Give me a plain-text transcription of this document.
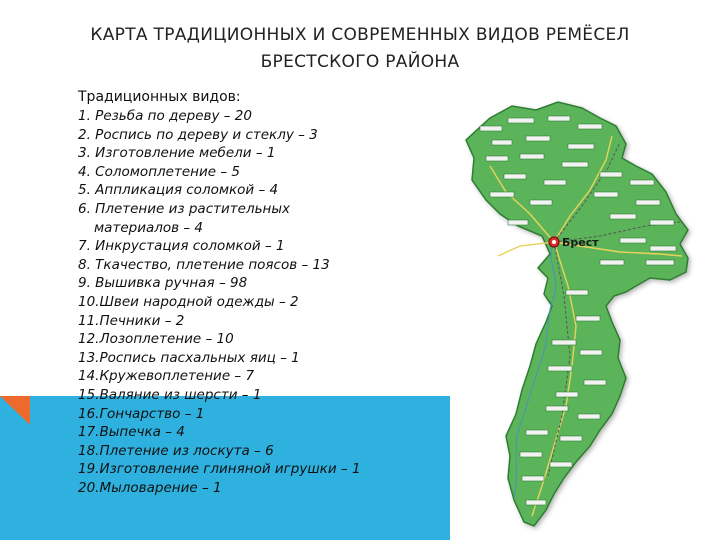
КАРТА ТРАДИЦИОННЫХ И СОВРЕМЕННЫХ ВИДОВ РЕМЁСЕЛ БРЕСТСКОГО РАЙОНА
Традиционных видов:
1. Резьба по дереву – 20
2. Роспись по дереву и стеклу – 3
3. Изготовление мебели – 1
4. Соломоплетение – 5
5. Аппликация соломкой – 4
6. Плетение из растительных
материалов – 4
7. Инкрустация соломкой – 1
8. Ткачество, плетение поясов – 13
9. Вышивка ручная – 98
10.Швеи народной одежды – 2
11.Печники – 2
12.Лозоплетение – 10
13.Роспись пасхальных яиц – 1
14.Кружевоплетение – 7
15.Валяние из шерсти – 1
16.Гончарство – 1
17.Выпечка – 4
18.Плетение из лоскута – 6
19.Изготовление глиняной игрушки – 1
20.Мыловарение – 1
Брест
